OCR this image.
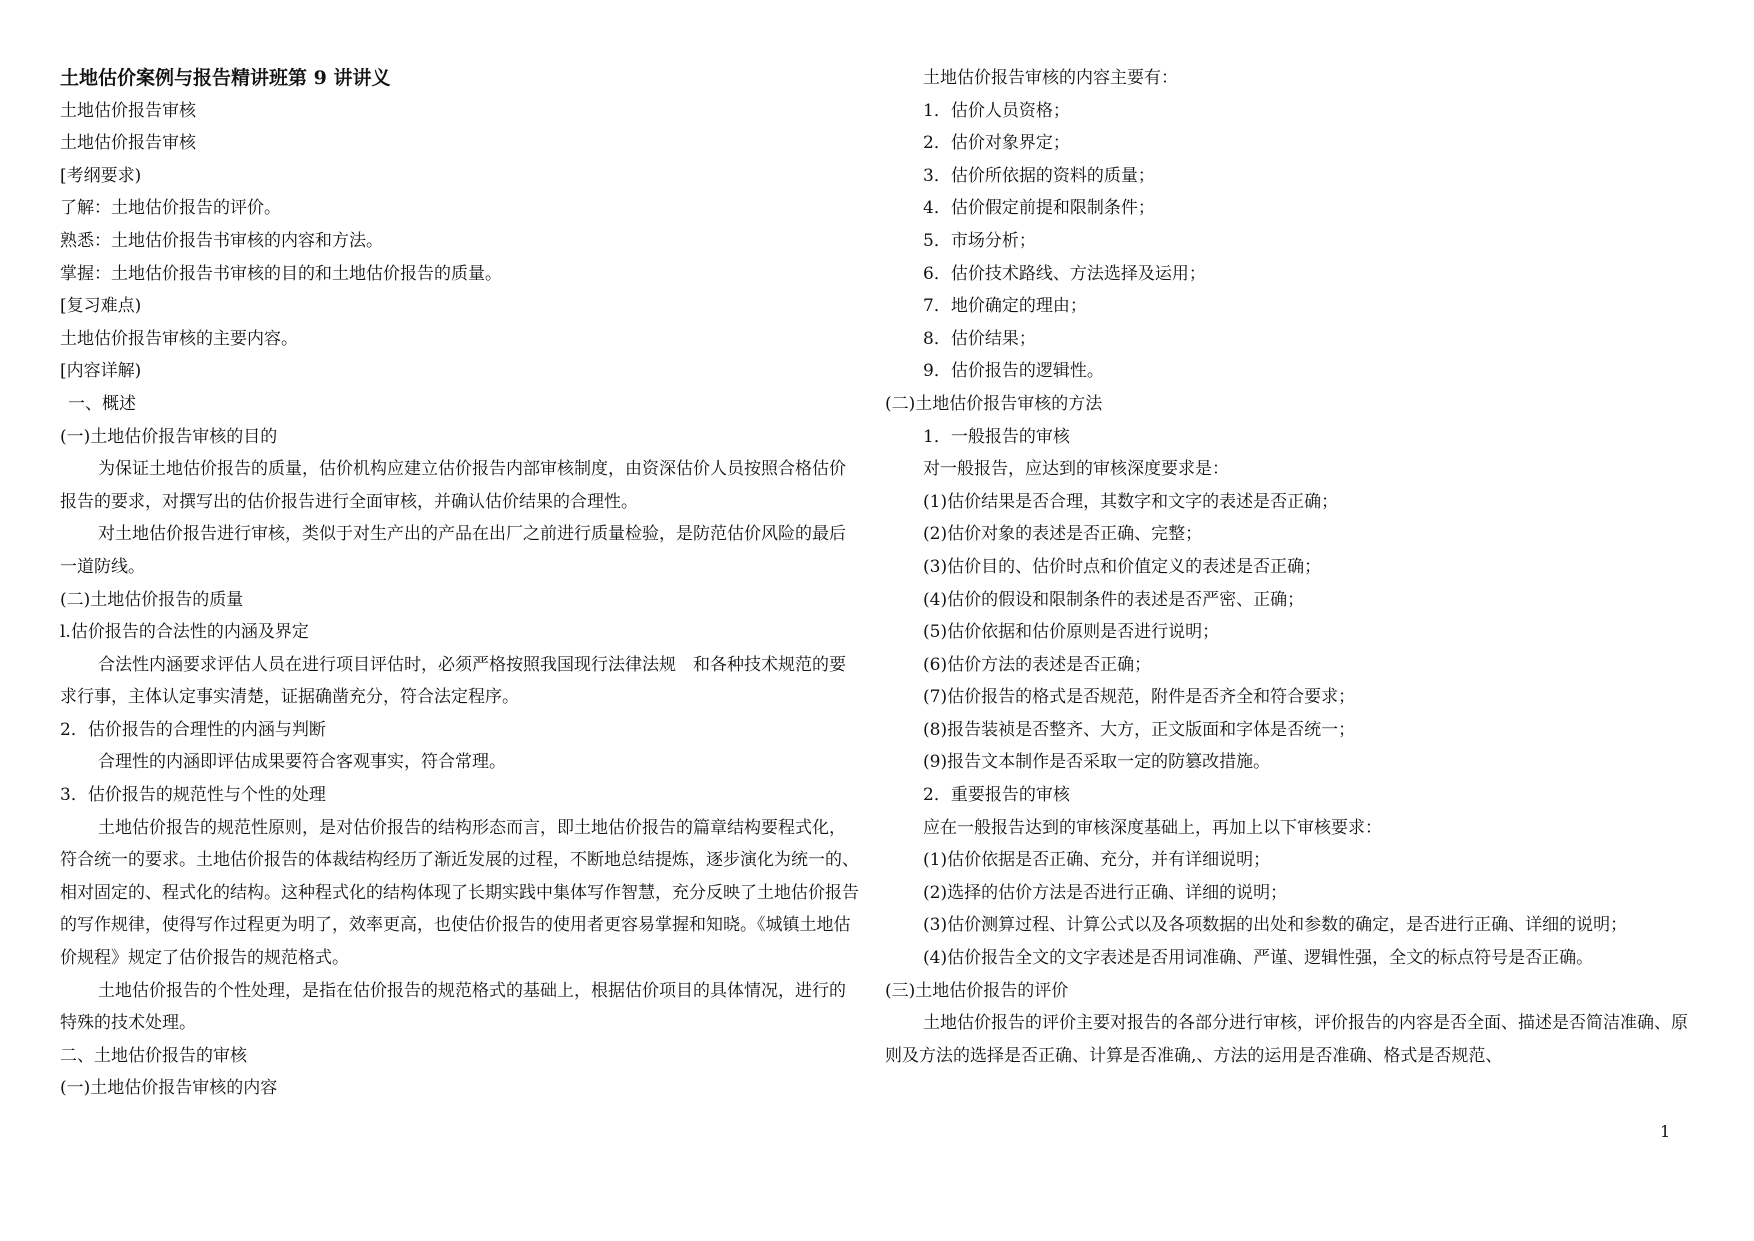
土地估价案例与报告精讲班第 9 讲讲义
土地估价报告审核
土地估价报告审核
[考纲要求)
了解：土地估价报告的评价。
熟悉：土地估价报告书审核的内容和方法。
掌握：土地估价报告书审核的目的和土地估价报告的质量。
[复习难点)
土地估价报告审核的主要内容。
[内容详解)
一、概述
(一)土地估价报告审核的目的
为保证土地估价报告的质量，估价机构应建立估价报告内部审核制度，由资深估价人员按照合格估价报告的要求，对撰写出的估价报告进行全面审核，并确认估价结果的合理性。
对土地估价报告进行审核，类似于对生产出的产品在出厂之前进行质量检验，是防范估价风险的最后一道防线。
(二)土地估价报告的质量
l.估价报告的合法性的内涵及界定
合法性内涵要求评估人员在进行项目评估时，必须严格按照我国现行法律法规　和各种技术规范的要求行事，主体认定事实清楚，证据确凿充分，符合法定程序。
2．估价报告的合理性的内涵与判断
合理性的内涵即评估成果要符合客观事实，符合常理。
3．估价报告的规范性与个性的处理
土地估价报告的规范性原则，是对估价报告的结构形态而言，即土地估价报告的篇章结构要程式化，符合统一的要求。土地估价报告的体裁结构经历了渐近发展的过程，不断地总结提炼，逐步演化为统一的、相对固定的、程式化的结构。这种程式化的结构体现了长期实践中集体写作智慧，充分反映了土地估价报告的写作规律，使得写作过程更为明了，效率更高，也使估价报告的使用者更容易掌握和知晓。《城镇土地估价规程》规定了估价报告的规范格式。
土地估价报告的个性处理，是指在估价报告的规范格式的基础上，根据估价项目的具体情况，进行的特殊的技术处理。
二、土地估价报告的审核
(一)土地估价报告审核的内容
土地估价报告审核的内容主要有：
1．估价人员资格；
2．估价对象界定；
3．估价所依据的资料的质量；
4．估价假定前提和限制条件；
5．市场分析；
6．估价技术路线、方法选择及运用；
7．地价确定的理由；
8．估价结果；
9．估价报告的逻辑性。
(二)土地估价报告审核的方法
1．一般报告的审核
对一般报告，应达到的审核深度要求是：
(1)估价结果是否合理，其数字和文字的表述是否正确；
(2)估价对象的表述是否正确、完整；
(3)估价目的、估价时点和价值定义的表述是否正确；
(4)估价的假设和限制条件的表述是否严密、正确；
(5)估价依据和估价原则是否进行说明；
(6)估价方法的表述是否正确；
(7)估价报告的格式是否规范，附件是否齐全和符合要求；
(8)报告装祯是否整齐、大方，正文版面和字体是否统一；
(9)报告文本制作是否采取一定的防篡改措施。
2．重要报告的审核
应在一般报告达到的审核深度基础上，再加上以下审核要求：
(1)估价依据是否正确、充分，并有详细说明；
(2)选择的估价方法是否进行正确、详细的说明；
(3)估价测算过程、计算公式以及各项数据的出处和参数的确定，是否进行正确、详细的说明；
(4)估价报告全文的文字表述是否用词准确、严谨、逻辑性强，全文的标点符号是否正确。
(三)土地估价报告的评价
土地估价报告的评价主要对报告的各部分进行审核，评价报告的内容是否全面、描述是否简洁准确、原则及方法的选择是否正确、计算是否准确,、方法的运用是否准确、格式是否规范、
1
